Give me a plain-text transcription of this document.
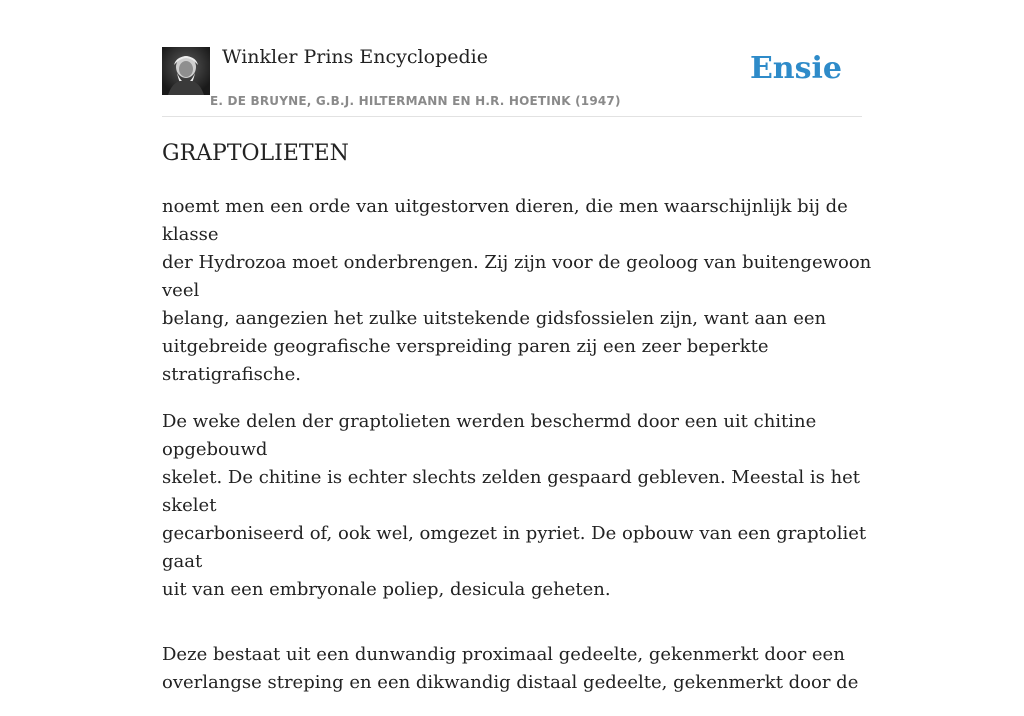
Winkler Prins Encyclopedie
E. DE BRUYNE, G.B.J. HILTERMANN EN H.R. HOETINK (1947)
Ensie
GRAPTOLIETEN

noemt men een orde van uitgestorven dieren, die men waarschijnlijk bij de klasse
der Hydrozoa moet onderbrengen. Zij zijn voor de geoloog van buitengewoon veel
belang, aangezien het zulke uitstekende gidsfossielen zijn, want aan een
uitgebreide geografische verspreiding paren zij een zeer beperkte stratigrafische.

De weke delen der graptolieten werden beschermd door een uit chitine opgebouwd
skelet. De chitine is echter slechts zelden gespaard gebleven. Meestal is het skelet
gecarboniseerd of, ook wel, omgezet in pyriet. De opbouw van een graptoliet gaat
uit van een embryonale poliep, desicula geheten.

Deze bestaat uit een dunwandig proximaal gedeelte, gekenmerkt door een
overlangse streping en een dikwandig distaal gedeelte, gekenmerkt door de
